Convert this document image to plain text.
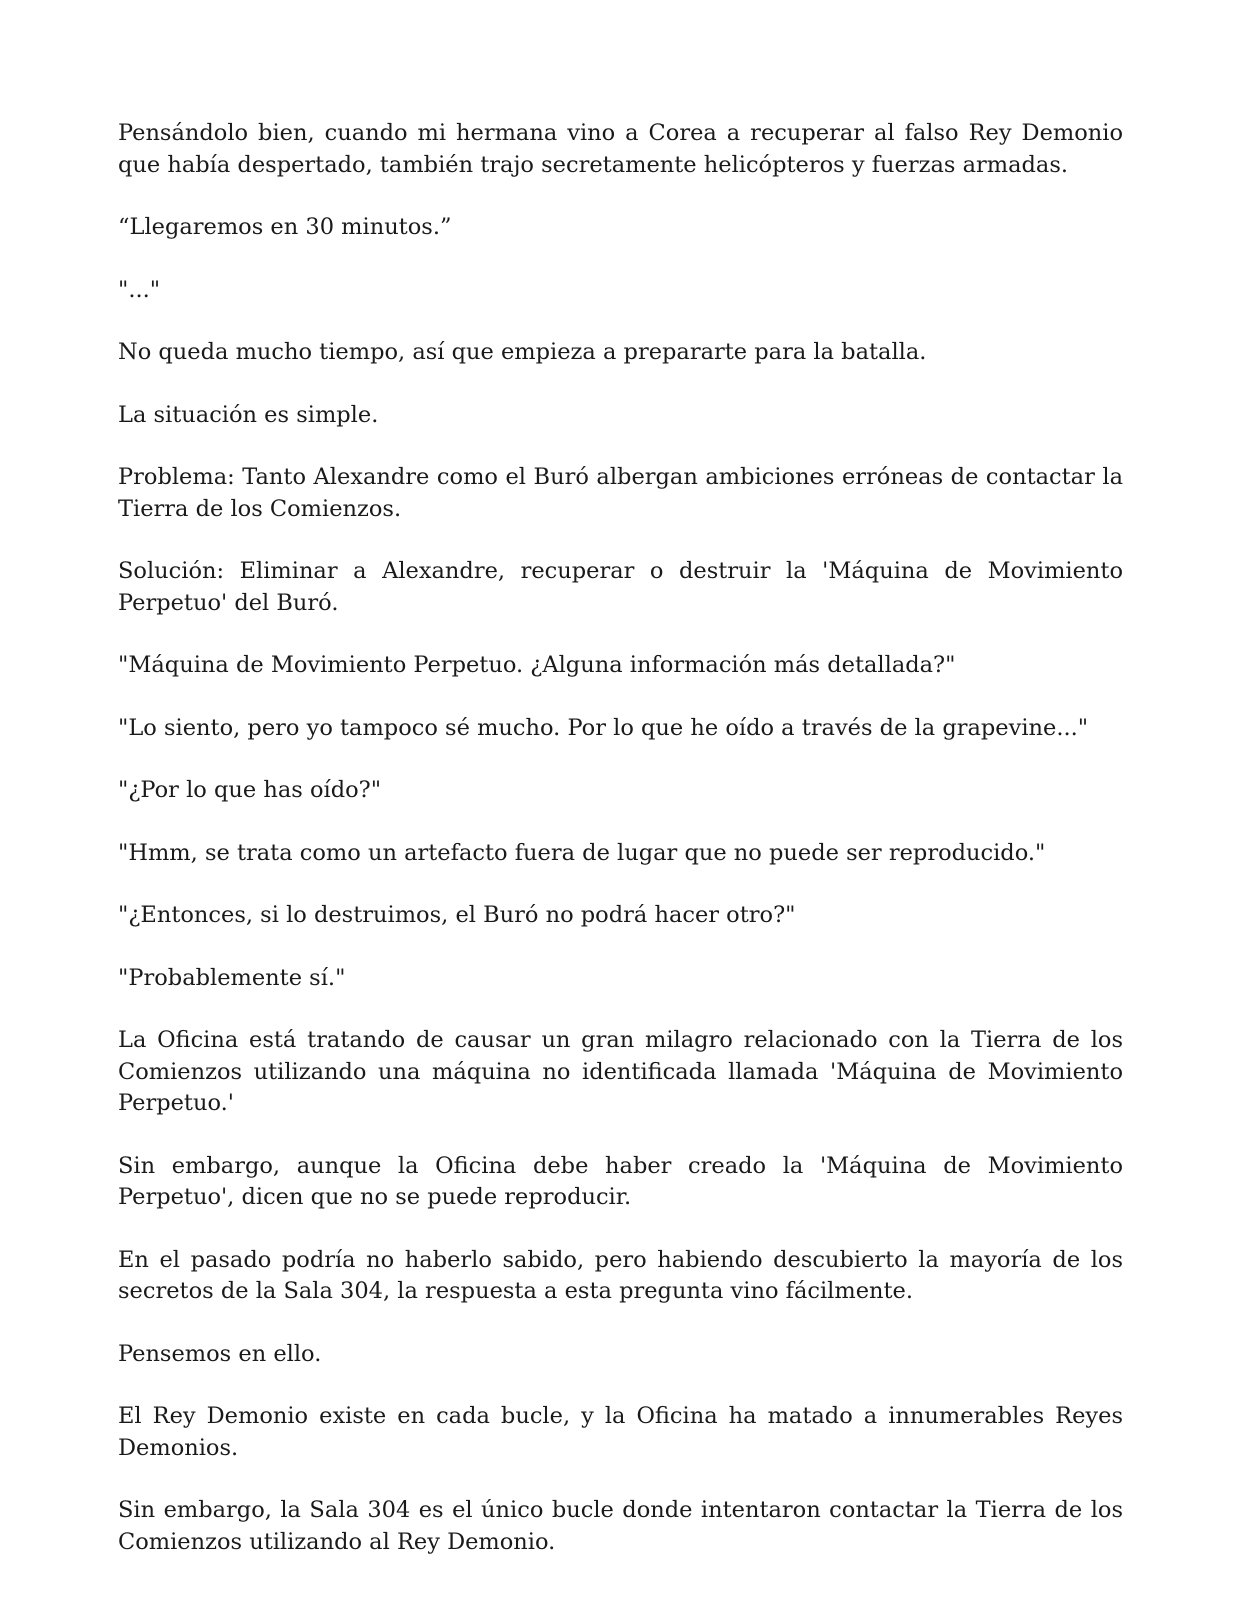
Pensándolo bien, cuando mi hermana vino a Corea a recuperar al falso Rey Demonio que había despertado, también trajo secretamente helicópteros y fuerzas armadas.

“Llegaremos en 30 minutos.”

"..."

No queda mucho tiempo, así que empieza a prepararte para la batalla.

La situación es simple.

Problema: Tanto Alexandre como el Buró albergan ambiciones erróneas de contactar la Tierra de los Comienzos.

Solución: Eliminar a Alexandre, recuperar o destruir la 'Máquina de Movimiento Perpetuo' del Buró.

"Máquina de Movimiento Perpetuo. ¿Alguna información más detallada?"

"Lo siento, pero yo tampoco sé mucho. Por lo que he oído a través de la grapevine..."

"¿Por lo que has oído?"

"Hmm, se trata como un artefacto fuera de lugar que no puede ser reproducido."

"¿Entonces, si lo destruimos, el Buró no podrá hacer otro?"

"Probablemente sí."

La Oficina está tratando de causar un gran milagro relacionado con la Tierra de los Comienzos utilizando una máquina no identificada llamada 'Máquina de Movimiento Perpetuo.'

Sin embargo, aunque la Oficina debe haber creado la 'Máquina de Movimiento Perpetuo', dicen que no se puede reproducir.

En el pasado podría no haberlo sabido, pero habiendo descubierto la mayoría de los secretos de la Sala 304, la respuesta a esta pregunta vino fácilmente.

Pensemos en ello.

El Rey Demonio existe en cada bucle, y la Oficina ha matado a innumerables Reyes Demonios.

Sin embargo, la Sala 304 es el único bucle donde intentaron contactar la Tierra de los Comienzos utilizando al Rey Demonio.
